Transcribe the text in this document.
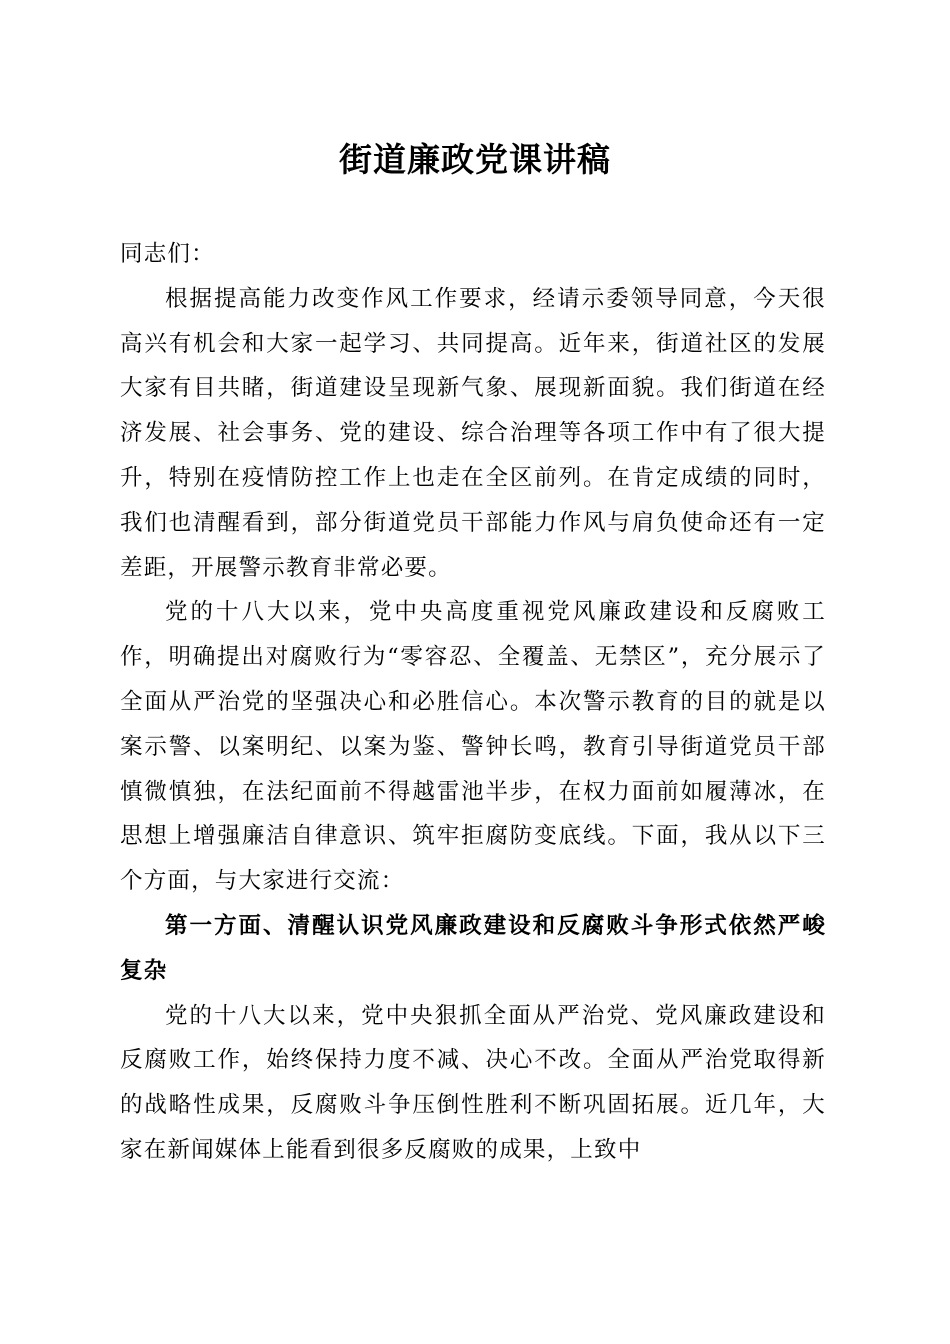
街道廉政党课讲稿

同志们：

根据提高能力改变作风工作要求，经请示委领导同意，今天很高兴有机会和大家一起学习、共同提高。近年来，街道社区的发展大家有目共睹，街道建设呈现新气象、展现新面貌。我们街道在经济发展、社会事务、党的建设、综合治理等各项工作中有了很大提升，特别在疫情防控工作上也走在全区前列。在肯定成绩的同时，我们也清醒看到，部分街道党员干部能力作风与肩负使命还有一定差距，开展警示教育非常必要。

党的十八大以来，党中央高度重视党风廉政建设和反腐败工作，明确提出对腐败行为“零容忍、全覆盖、无禁区”，充分展示了全面从严治党的坚强决心和必胜信心。本次警示教育的目的就是以案示警、以案明纪、以案为鉴、警钟长鸣，教育引导街道党员干部慎微慎独，在法纪面前不得越雷池半步，在权力面前如履薄冰，在思想上增强廉洁自律意识、筑牢拒腐防变底线。下面，我从以下三个方面，与大家进行交流：

第一方面、清醒认识党风廉政建设和反腐败斗争形式依然严峻复杂

党的十八大以来，党中央狠抓全面从严治党、党风廉政建设和反腐败工作，始终保持力度不减、决心不改。全面从严治党取得新的战略性成果，反腐败斗争压倒性胜利不断巩固拓展。近几年，大家在新闻媒体上能看到很多反腐败的成果，上致中
